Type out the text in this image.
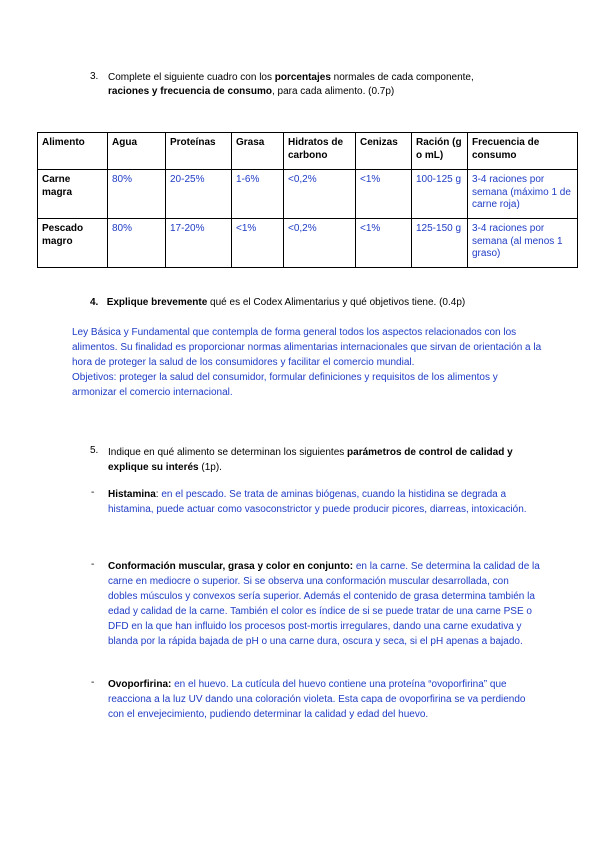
3. Complete el siguiente cuadro con los porcentajes normales de cada componente,
raciones y frecuencia de consumo, para cada alimento. (0.7p)
Alimento	Agua	Proteínas	Grasa	Hidratos de carbono	Cenizas	Ración (g o mL)	Frecuencia de consumo
Carne magra	80%	20-25%	1-6%	<0,2%	<1%	100-125 g	3-4 raciones por semana (máximo 1 de carne roja)
Pescado magro	80%	17-20%	<1%	<0,2%	<1%	125-150 g	3-4 raciones por semana (al menos 1 graso)
4. Explique brevemente qué es el Codex Alimentarius y qué objetivos tiene. (0.4p)
Ley Básica y Fundamental que contempla de forma general todos los aspectos relacionados con los alimentos. Su finalidad es proporcionar normas alimentarias internacionales que sirvan de orientación a la hora de proteger la salud de los consumidores y facilitar el comercio mundial.
Objetivos: proteger la salud del consumidor, formular definiciones y requisitos de los alimentos y armonizar el comercio internacional.
5. Indique en qué alimento se determinan los siguientes parámetros de control de calidad y explique su interés (1p).
- Histamina: en el pescado. Se trata de aminas biógenas, cuando la histidina se degrada a histamina, puede actuar como vasoconstrictor y puede producir picores, diarreas, intoxicación.
- Conformación muscular, grasa y color en conjunto: en la carne. Se determina la calidad de la carne en mediocre o superior. Si se observa una conformación muscular desarrollada, con dobles músculos y convexos sería superior. Además el contenido de grasa determina también la edad y calidad de la carne. También el color es índice de si se puede tratar de una carne PSE o DFD en la que han influido los procesos post-mortis irregulares, dando una carne exudativa y blanda por la rápida bajada de pH o una carne dura, oscura y seca, si el pH apenas a bajado.
- Ovoporfirina: en el huevo. La cutícula del huevo contiene una proteína “ovoporfirina” que reacciona a la luz UV dando una coloración violeta. Esta capa de ovoporfirina se va perdiendo con el envejecimiento, pudiendo determinar la calidad y edad del huevo.
